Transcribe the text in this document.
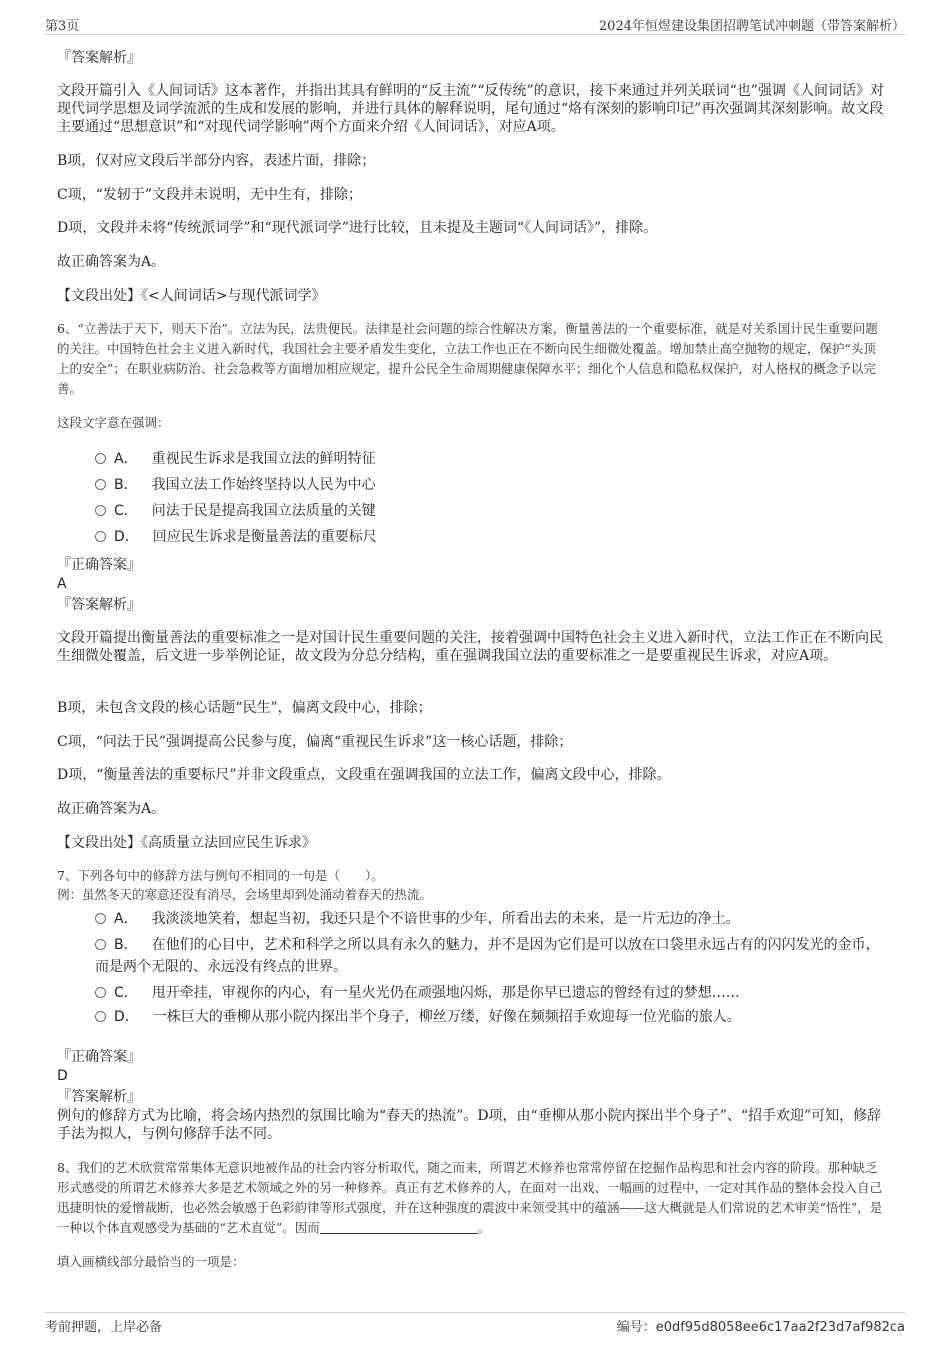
第3页	2024年恒煜建设集团招聘笔试冲刺题（带答案解析）
『答案解析』
文段开篇引入《人间词话》这本著作，并指出其具有鲜明的“反主流”“反传统”的意识，接下来通过并列关联词“也”强调《人间词话》对现代词学思想及词学流派的生成和发展的影响，并进行具体的解释说明，尾句通过“烙有深刻的影响印记”再次强调其深刻影响。故文段主要通过“思想意识”和“对现代词学影响”两个方面来介绍《人间词话》，对应A项。
B项，仅对应文段后半部分内容，表述片面，排除；
C项，“发轫于”文段并未说明，无中生有，排除；
D项，文段并未将“传统派词学”和“现代派词学”进行比较，且未提及主题词“《人间词话》”，排除。
故正确答案为A。
【文段出处】《<人间词话>与现代派词学》
6、“立善法于天下，则天下治”。立法为民，法贵便民。法律是社会问题的综合性解决方案，衡量善法的一个重要标准，就是对关系国计民生重要问题的关注。中国特色社会主义进入新时代，我国社会主要矛盾发生变化，立法工作也正在不断向民生细微处覆盖。增加禁止高空抛物的规定，保护“头顶上的安全”；在职业病防治、社会急救等方面增加相应规定，提升公民全生命周期健康保障水平；细化个人信息和隐私权保护，对人格权的概念予以完善。
这段文字意在强调：
A． 重视民生诉求是我国立法的鲜明特征
B． 我国立法工作始终坚持以人民为中心
C． 问法于民是提高我国立法质量的关键
D． 回应民生诉求是衡量善法的重要标尺
『正确答案』
A
『答案解析』
文段开篇提出衡量善法的重要标准之一是对国计民生重要问题的关注，接着强调中国特色社会主义进入新时代，立法工作正在不断向民生细微处覆盖，后文进一步举例论证，故文段为分总分结构，重在强调我国立法的重要标准之一是要重视民生诉求，对应A项。
B项，未包含文段的核心话题“民生”，偏离文段中心，排除；
C项，“问法于民”强调提高公民参与度，偏离“重视民生诉求”这一核心话题，排除；
D项，“衡量善法的重要标尺”并非文段重点，文段重在强调我国的立法工作，偏离文段中心，排除。
故正确答案为A。
【文段出处】《高质量立法回应民生诉求》
7、下列各句中的修辞方法与例句不相同的一句是（　　）。
例：虽然冬天的寒意还没有消尽，会场里却到处涌动着春天的热流。
A． 我淡淡地笑着，想起当初，我还只是个不谙世事的少年，所看出去的未来，是一片无边的净土。
B． 在他们的心目中，艺术和科学之所以具有永久的魅力，并不是因为它们是可以放在口袋里永远占有的闪闪发光的金币，而是两个无限的、永远没有终点的世界。
C． 甩开牵挂，审视你的内心，有一星火光仍在顽强地闪烁，那是你早已遗忘的曾经有过的梦想……
D． 一株巨大的垂柳从那小院内探出半个身子，柳丝万缕，好像在频频招手欢迎每一位光临的旅人。
『正确答案』
D
『答案解析』
例句的修辞方式为比喻，将会场内热烈的氛围比喻为“春天的热流”。D项，由“垂柳从那小院内探出半个身子”、“招手欢迎”可知，修辞手法为拟人，与例句修辞手法不同。
8、我们的艺术欣赏常常集体无意识地被作品的社会内容分析取代，随之而来，所谓艺术修养也常常停留在挖掘作品构思和社会内容的阶段。那种缺乏形式感受的所谓艺术修养大多是艺术领域之外的另一种修养。真正有艺术修养的人，在面对一出戏、一幅画的过程中，一定对其作品的整体会投入自己迅捷明快的爱憎裁断，也必然会敏感于色彩韵律等形式强度，并在这种强度的震波中来领受其中的蕴涵——这大概就是人们常说的艺术审美“悟性”，是一种以个体直观感受为基础的“艺术直觉”。因而	。
填入画横线部分最恰当的一项是：
考前押题，上岸必备	编号：e0df95d8058ee6c17aa2f23d7af982ca
